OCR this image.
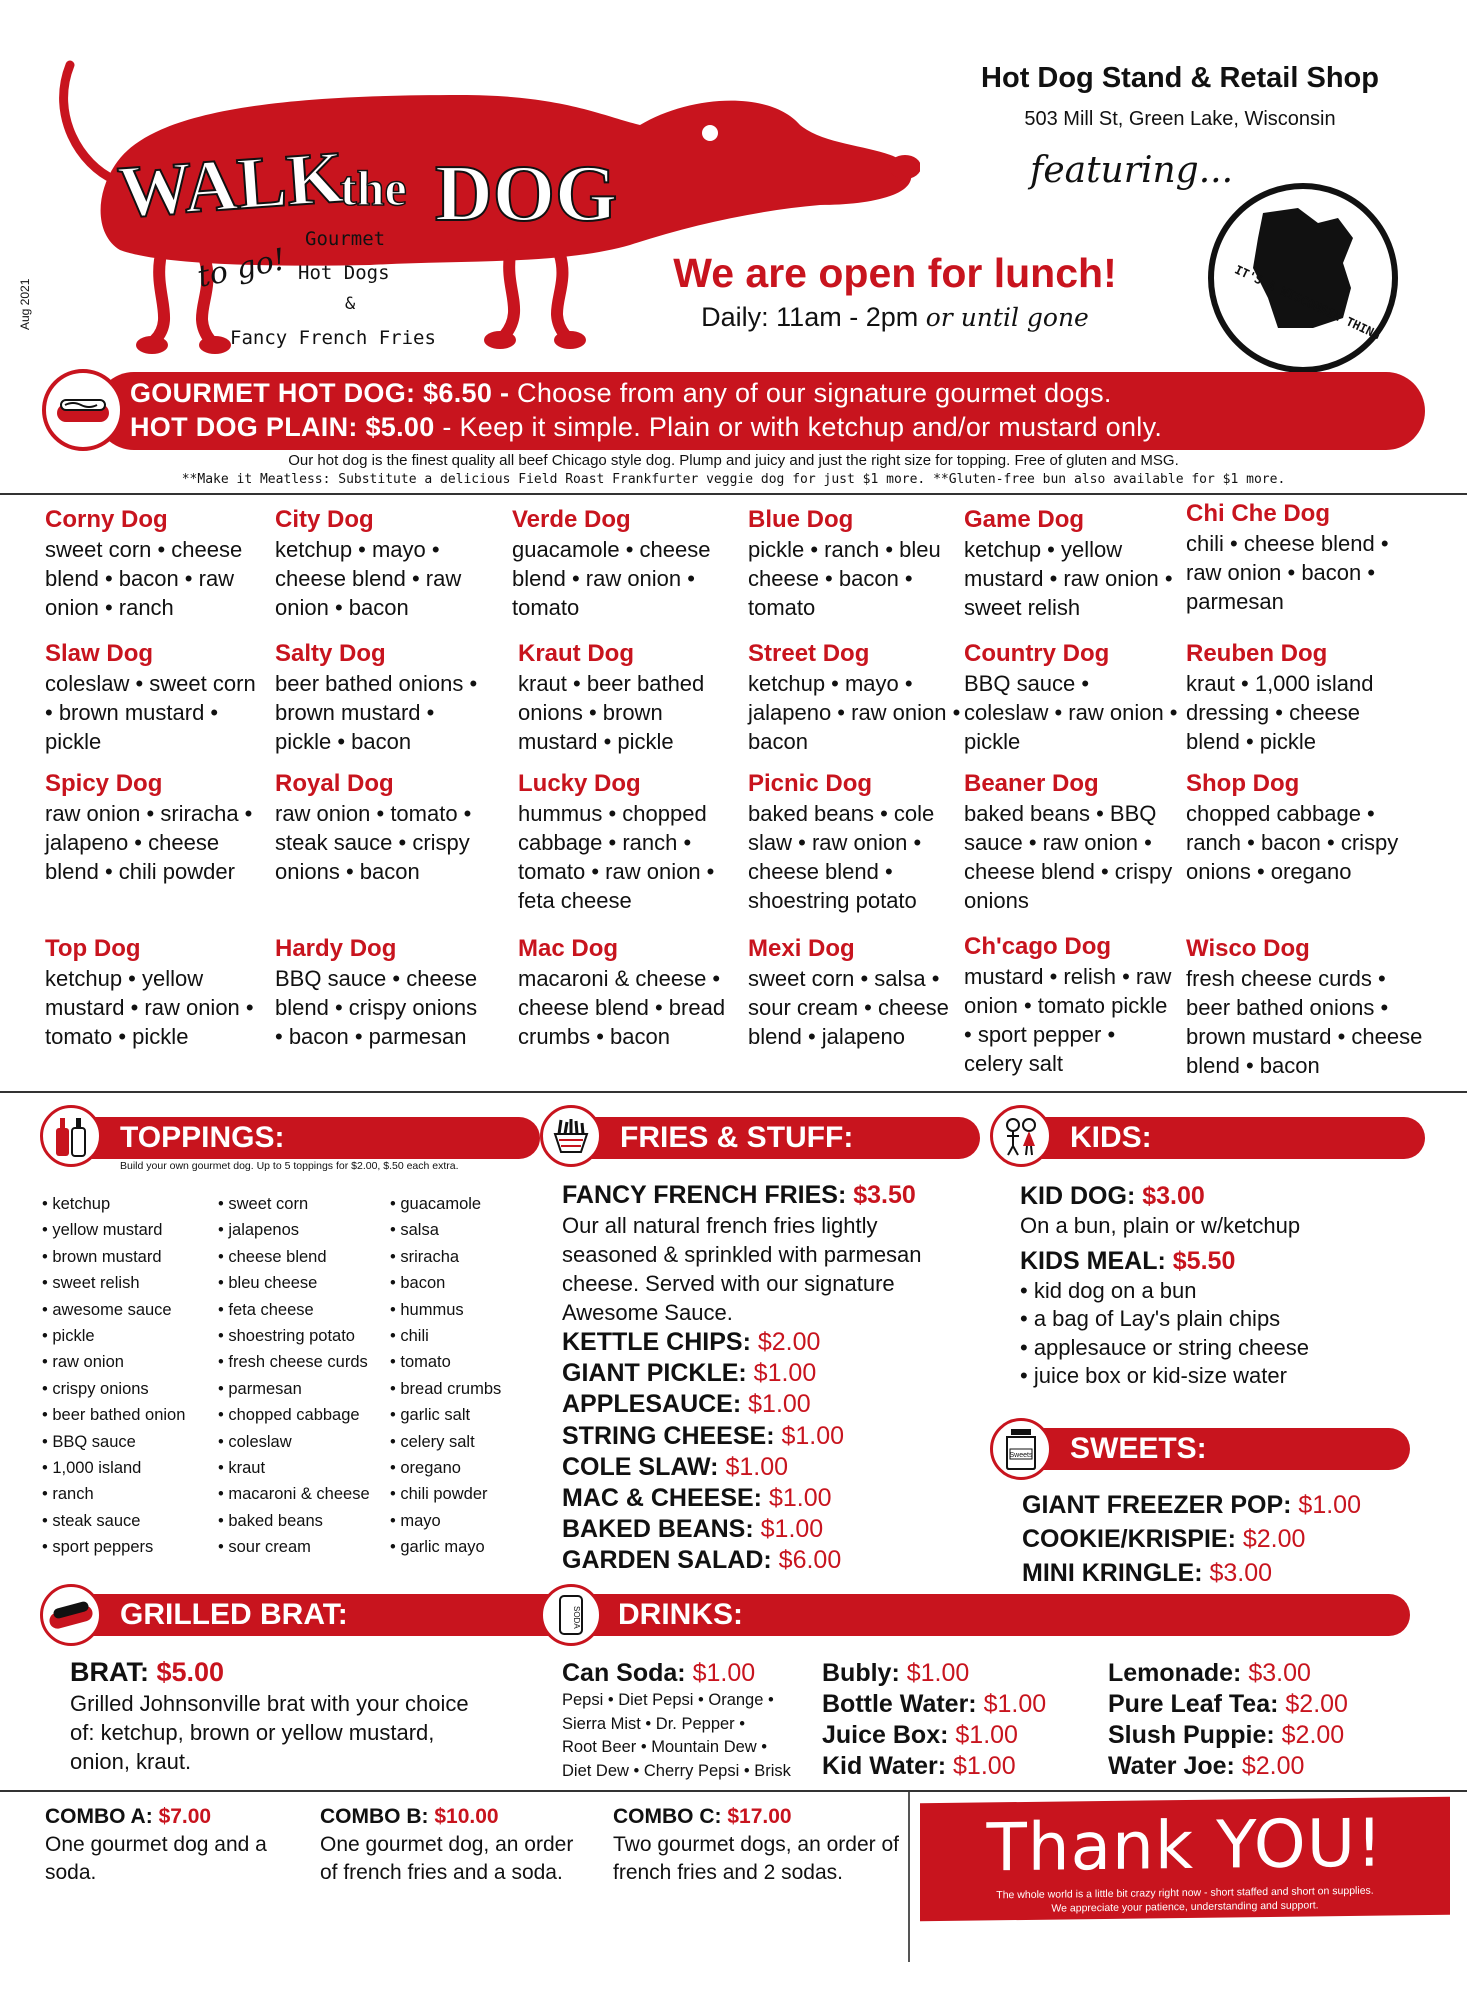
WALK
the DOG
to go!
Gourmet
Hot Dogs
&
Fancy French Fries
Hot Dog Stand & Retail Shop
503 Mill St, Green Lake, Wisconsin
featuring...
IT'S A WISCONSIN THING
We are open for lunch!
Daily: 11am - 2pm or until gone
Aug 2021
GOURMET HOT DOG: $6.50 - Choose from any of our signature gourmet dogs.
HOT DOG PLAIN: $5.00 - Keep it simple. Plain or with ketchup and/or mustard only.
Our hot dog is the finest quality all beef Chicago style dog. Plump and juicy and just the right size for topping. Free of gluten and MSG.
**Make it Meatless: Substitute a delicious Field Roast Frankfurter veggie dog for just $1 more. **Gluten-free bun also available for $1 more.
Corny Dog
sweet corn • cheese blend • bacon • raw onion • ranch
City Dog
ketchup • mayo • cheese blend • raw onion • bacon
Verde Dog
guacamole • cheese blend • raw onion • tomato
Blue Dog
pickle • ranch • bleu cheese • bacon • tomato
Game Dog
ketchup • yellow mustard • raw onion • sweet relish
Chi Che Dog
chili • cheese blend • raw onion • bacon • parmesan
Slaw Dog
coleslaw • sweet corn • brown mustard • pickle
Salty Dog
beer bathed onions • brown mustard • pickle • bacon
Kraut Dog
kraut • beer bathed onions • brown mustard • pickle
Street Dog
ketchup • mayo • jalapeno • raw onion • bacon
Country Dog
BBQ sauce • coleslaw • raw onion • pickle
Reuben Dog
kraut • 1,000 island dressing • cheese blend • pickle
Spicy Dog
raw onion • sriracha • jalapeno • cheese blend • chili powder
Royal Dog
raw onion • tomato • steak sauce • crispy onions • bacon
Lucky Dog
hummus • chopped cabbage • ranch • tomato • raw onion • feta cheese
Picnic Dog
baked beans • cole slaw • raw onion • cheese blend • shoestring potato
Beaner Dog
baked beans • BBQ sauce • raw onion • cheese blend • crispy onions
Shop Dog
chopped cabbage • ranch • bacon • crispy onions • oregano
Top Dog
ketchup • yellow mustard • raw onion • tomato • pickle
Hardy Dog
BBQ sauce • cheese blend • crispy onions • bacon • parmesan
Mac Dog
macaroni & cheese • cheese blend • bread crumbs • bacon
Mexi Dog
sweet corn • salsa • sour cream • cheese blend • jalapeno
Ch'cago Dog
mustard • relish • raw onion • tomato pickle • sport pepper • celery salt
Wisco Dog
fresh cheese curds • beer bathed onions • brown mustard • cheese blend • bacon
TOPPINGS:
Build your own gourmet dog. Up to 5 toppings for $2.00, $.50 each extra.
FRIES & STUFF:	KIDS:
• ketchup
• yellow mustard
• brown mustard
• sweet relish
• awesome sauce
• pickle
• raw onion
• crispy onions
• beer bathed onion
• BBQ sauce
• 1,000 island
• ranch
• steak sauce
• sport peppers
• sweet corn
• jalapenos
• cheese blend
• bleu cheese
• feta cheese
• shoestring potato
• fresh cheese curds
• parmesan
• chopped cabbage
• coleslaw
• kraut
• macaroni & cheese
• baked beans
• sour cream
• guacamole
• salsa
• sriracha
• bacon
• hummus
• chili
• tomato
• bread crumbs
• garlic salt
• celery salt
• oregano
• chili powder
• mayo
• garlic mayo
FANCY FRENCH FRIES: $3.50
Our all natural french fries lightly seasoned & sprinkled with parmesan cheese. Served with our signature Awesome Sauce.
KETTLE CHIPS: $2.00
GIANT PICKLE: $1.00
APPLESAUCE: $1.00
STRING CHEESE: $1.00
COLE SLAW: $1.00
MAC & CHEESE: $1.00
BAKED BEANS: $1.00
GARDEN SALAD: $6.00
KID DOG: $3.00
On a bun, plain or w/ketchup
KIDS MEAL: $5.50
• kid dog on a bun
• a bag of Lay's plain chips
• applesauce or string cheese
• juice box or kid-size water
SWEETS:
Sweets
GIANT FREEZER POP: $1.00
COOKIE/KRISPIE: $2.00
MINI KRINGLE: $3.00
GRILLED BRAT:	DRINKS:
SODA
BRAT: $5.00
Grilled Johnsonville brat with your choice of: ketchup, brown or yellow mustard, onion, kraut.
Can Soda: $1.00
Pepsi • Diet Pepsi • Orange •
Sierra Mist • Dr. Pepper •
Root Beer • Mountain Dew •
Diet Dew • Cherry Pepsi • Brisk
Bubly: $1.00
Bottle Water: $1.00
Juice Box: $1.00
Kid Water: $1.00
Lemonade: $3.00
Pure Leaf Tea: $2.00
Slush Puppie: $2.00
Water Joe: $2.00
COMBO A: $7.00
One gourmet dog and a soda.
COMBO B: $10.00
One gourmet dog, an order of french fries and a soda.
COMBO C: $17.00
Two gourmet dogs, an order of french fries and 2 sodas.	Thank YOU!
The whole world is a little bit crazy right now - short staffed and short on supplies.
We appreciate your patience, understanding and support.
